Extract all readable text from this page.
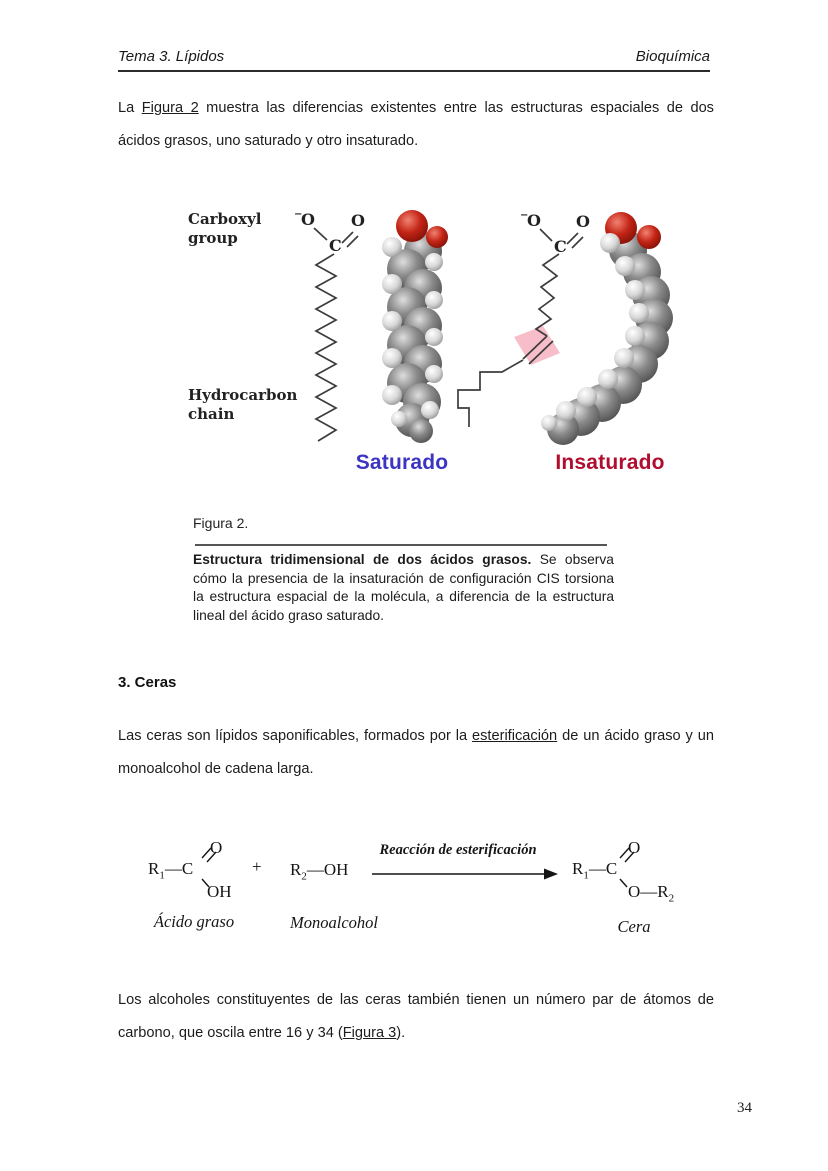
Tema 3. Lípidos	Bioquímica

La Figura 2 muestra las diferencias existentes entre las estructuras espaciales de dos ácidos grasos, uno saturado y otro insaturado.

Carboxyl
group
Hydrocarbon
chain
−
O O
C
−
O O
C
Saturado	Insaturado
Figura 2.

Estructura tridimensional de dos ácidos grasos. Se observa cómo la presencia de la insaturación de configuración CIS torsiona la estructura espacial de la molécula, a diferencia de la estructura lineal del ácido graso saturado.

3. Ceras

Las ceras son lípidos saponificables, formados por la esterificación de un ácido graso y un monoalcohol de cadena larga.

$R_1—C$
O
OH
+ $R_2—OH$
Reacción de esterificación
$R_1—C$
O
$O—R_2$
Ácido graso	Monoalcohol	Cera

Los alcoholes constituyentes de las ceras también tienen un número par de átomos de carbono, que oscila entre 16 y 34 (Figura 3).

34
